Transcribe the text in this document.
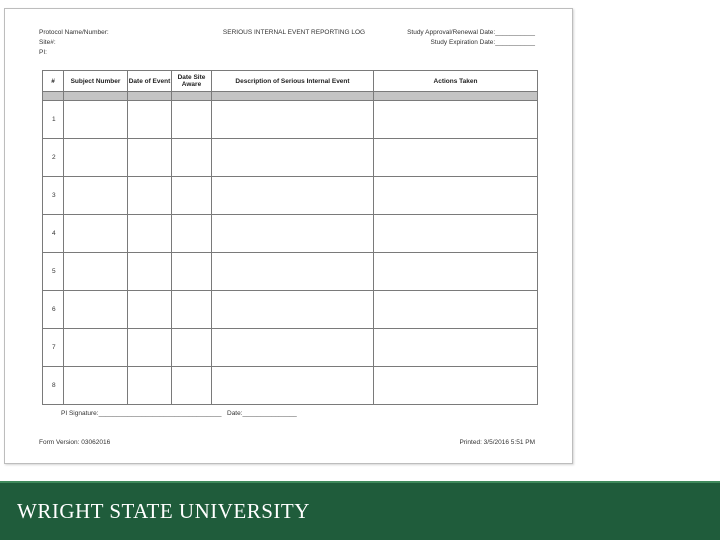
Protocol Name/Number:
Site#:
PI:
SERIOUS INTERNAL EVENT REPORTING LOG	Study Approval/Renewal Date:___________
Study Expiration Date:___________
#	Subject Number	Date of Event	Date Site Aware	Description of Serious Internal Event	Actions Taken

1					
2					
3					
4					
5					
6					
7					
8					
PI Signature:__________________________________ Date:_______________
Form Version: 03062016	Printed: 3/5/2016 5:51 PM
WRIGHT STATE UNIVERSITY
